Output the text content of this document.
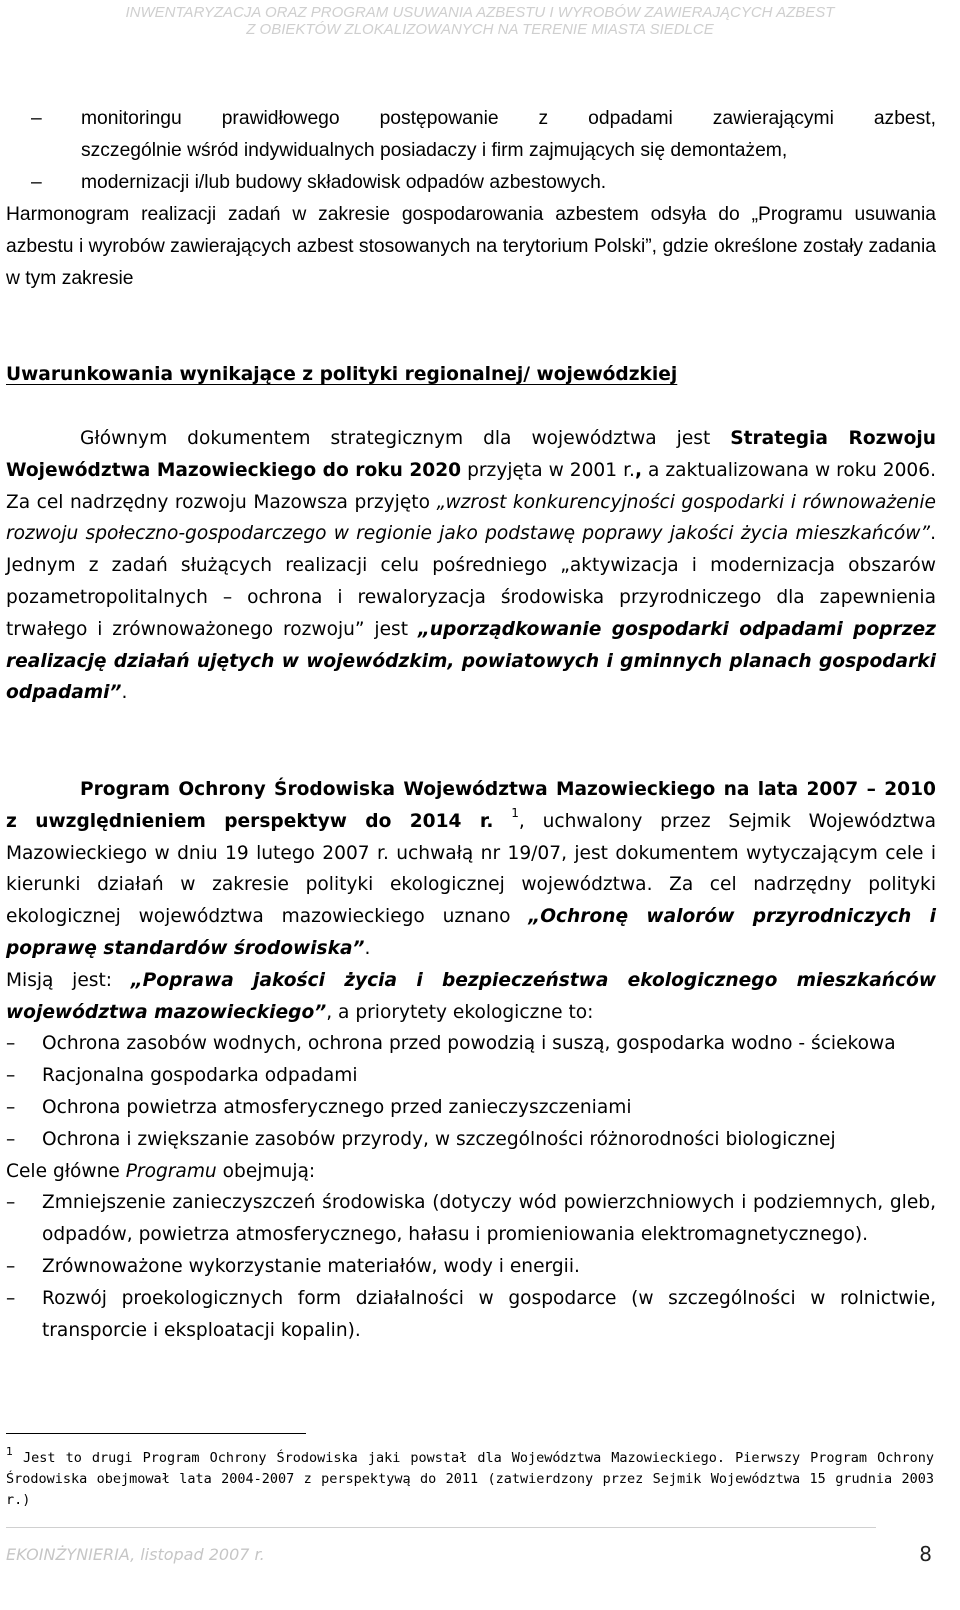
INWENTARYZACJA ORAZ PROGRAM USUWANIA AZBESTU I WYROBÓW ZAWIERAJĄCYCH AZBEST
Z OBIEKTÓW ZLOKALIZOWANYCH NA TERENIE MIASTA SIEDLCE
– monitoringu prawidłowego postępowanie z odpadami zawierającymi azbest,
szczególnie wśród indywidualnych posiadaczy i firm zajmujących się demontażem,
– modernizacji i/lub budowy składowisk odpadów azbestowych.
Harmonogram realizacji zadań w zakresie gospodarowania azbestem odsyła do „Programu usuwania azbestu i wyrobów zawierających azbest stosowanych na terytorium Polski”, gdzie określone zostały zadania w tym zakresie
Uwarunkowania wynikające z polityki regionalnej/ wojewódzkiej
Głównym dokumentem strategicznym dla województwa jest Strategia Rozwoju Województwa Mazowieckiego do roku 2020 przyjęta w 2001 r., a zaktualizowana w roku 2006. Za cel nadrzędny rozwoju Mazowsza przyjęto „wzrost konkurencyjności gospodarki i równoważenie rozwoju społeczno-gospodarczego w regionie jako podstawę poprawy jakości życia mieszkańców”. Jednym z zadań służących realizacji celu pośredniego „aktywizacja i modernizacja obszarów pozametropolitalnych – ochrona i rewaloryzacja środowiska przyrodniczego dla zapewnienia trwałego i zrównoważonego rozwoju” jest „uporządkowanie gospodarki odpadami poprzez realizację działań ujętych w wojewódzkim, powiatowych i gminnych planach gospodarki odpadami”.
Program Ochrony Środowiska Województwa Mazowieckiego na lata 2007 – 2010 z uwzględnieniem perspektyw do 2014 r. $^1$, uchwalony przez Sejmik Województwa Mazowieckiego w dniu 19 lutego 2007 r. uchwałą nr 19/07, jest dokumentem wytyczającym cele i kierunki działań w zakresie polityki ekologicznej województwa. Za cel nadrzędny polityki ekologicznej województwa mazowieckiego uznano „Ochronę walorów przyrodniczych i poprawę standardów środowiska”.
Misją jest: „Poprawa jakości życia i bezpieczeństwa ekologicznego mieszkańców województwa mazowieckiego”, a priorytety ekologiczne to:
– Ochrona zasobów wodnych, ochrona przed powodzią i suszą, gospodarka wodno - ściekowa
– Racjonalna gospodarka odpadami
– Ochrona powietrza atmosferycznego przed zanieczyszczeniami
– Ochrona i zwiększanie zasobów przyrody, w szczególności różnorodności biologicznej
Cele główne Programu obejmują:
– Zmniejszenie zanieczyszczeń środowiska (dotyczy wód powierzchniowych i podziemnych, gleb, odpadów, powietrza atmosferycznego, hałasu i promieniowania elektromagnetycznego).
– Zrównoważone wykorzystanie materiałów, wody i energii.
– Rozwój proekologicznych form działalności w gospodarce (w szczególności w rolnictwie, transporcie i eksploatacji kopalin).
$^1$ Jest to drugi Program Ochrony Środowiska jaki powstał dla Województwa Mazowieckiego. Pierwszy Program Ochrony Środowiska obejmował lata 2004-2007 z perspektywą do 2011 (zatwierdzony przez Sejmik Województwa 15 grudnia 2003 r.)
EKOINŻYNIERIA, listopad 2007 r.	8
